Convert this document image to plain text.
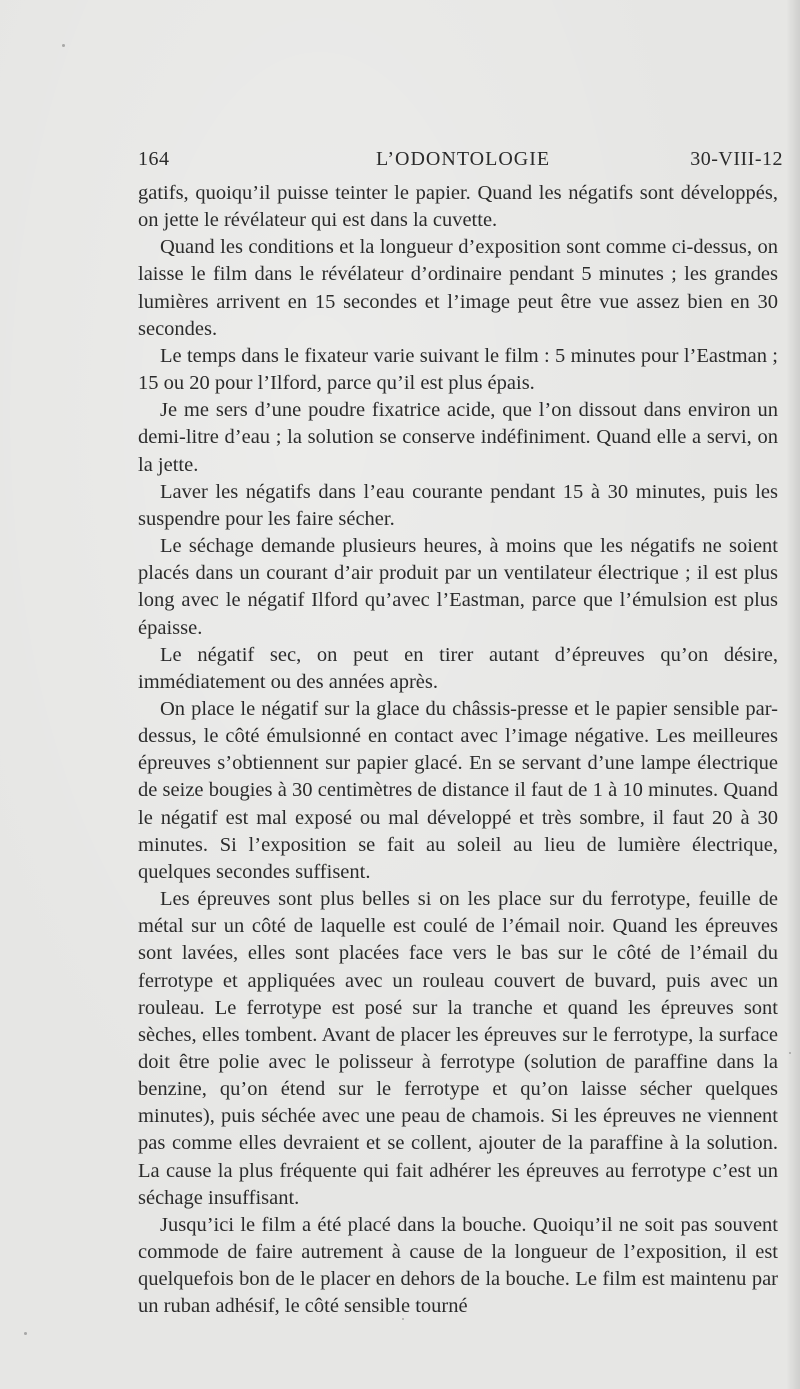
164	L’ODONTOLOGIE	30-VIII-12

gatifs, quoiqu’il puisse teinter le papier. Quand les négatifs sont développés, on jette le révélateur qui est dans la cuvette.

Quand les conditions et la longueur d’exposition sont comme ci-dessus, on laisse le film dans le révélateur d’ordinaire pendant 5 minutes ; les grandes lumières arrivent en 15 secondes et l’image peut être vue assez bien en 30 secondes.

Le temps dans le fixateur varie suivant le film : 5 minutes pour l’Eastman ; 15 ou 20 pour l’Ilford, parce qu’il est plus épais.

Je me sers d’une poudre fixatrice acide, que l’on dissout dans environ un demi-litre d’eau ; la solution se conserve indéfiniment. Quand elle a servi, on la jette.

Laver les négatifs dans l’eau courante pendant 15 à 30 minutes, puis les suspendre pour les faire sécher.

Le séchage demande plusieurs heures, à moins que les négatifs ne soient placés dans un courant d’air produit par un ventilateur électrique ; il est plus long avec le négatif Ilford qu’avec l’Eastman, parce que l’émulsion est plus épaisse.

Le négatif sec, on peut en tirer autant d’épreuves qu’on désire, immédiatement ou des années après.

On place le négatif sur la glace du châssis-presse et le papier sensible par-dessus, le côté émulsionné en contact avec l’image négative. Les meilleures épreuves s’obtiennent sur papier glacé. En se servant d’une lampe électrique de seize bougies à 30 centimètres de distance il faut de 1 à 10 minutes. Quand le négatif est mal exposé ou mal développé et très sombre, il faut 20 à 30 minutes. Si l’exposition se fait au soleil au lieu de lumière électrique, quelques secondes suffisent.

Les épreuves sont plus belles si on les place sur du ferrotype, feuille de métal sur un côté de laquelle est coulé de l’émail noir. Quand les épreuves sont lavées, elles sont placées face vers le bas sur le côté de l’émail du ferrotype et appliquées avec un rouleau couvert de buvard, puis avec un rouleau. Le ferrotype est posé sur la tranche et quand les épreuves sont sèches, elles tombent. Avant de placer les épreuves sur le ferrotype, la surface doit être polie avec le polisseur à ferrotype (solution de paraffine dans la benzine, qu’on étend sur le ferrotype et qu’on laisse sécher quelques minutes), puis séchée avec une peau de chamois. Si les épreuves ne viennent pas comme elles devraient et se collent, ajouter de la paraffine à la solution. La cause la plus fréquente qui fait adhérer les épreuves au ferrotype c’est un séchage insuffisant.

Jusqu’ici le film a été placé dans la bouche. Quoiqu’il ne soit pas souvent commode de faire autrement à cause de la longueur de l’exposition, il est quelquefois bon de le placer en dehors de la bouche. Le film est maintenu par un ruban adhésif, le côté sensible tourné
